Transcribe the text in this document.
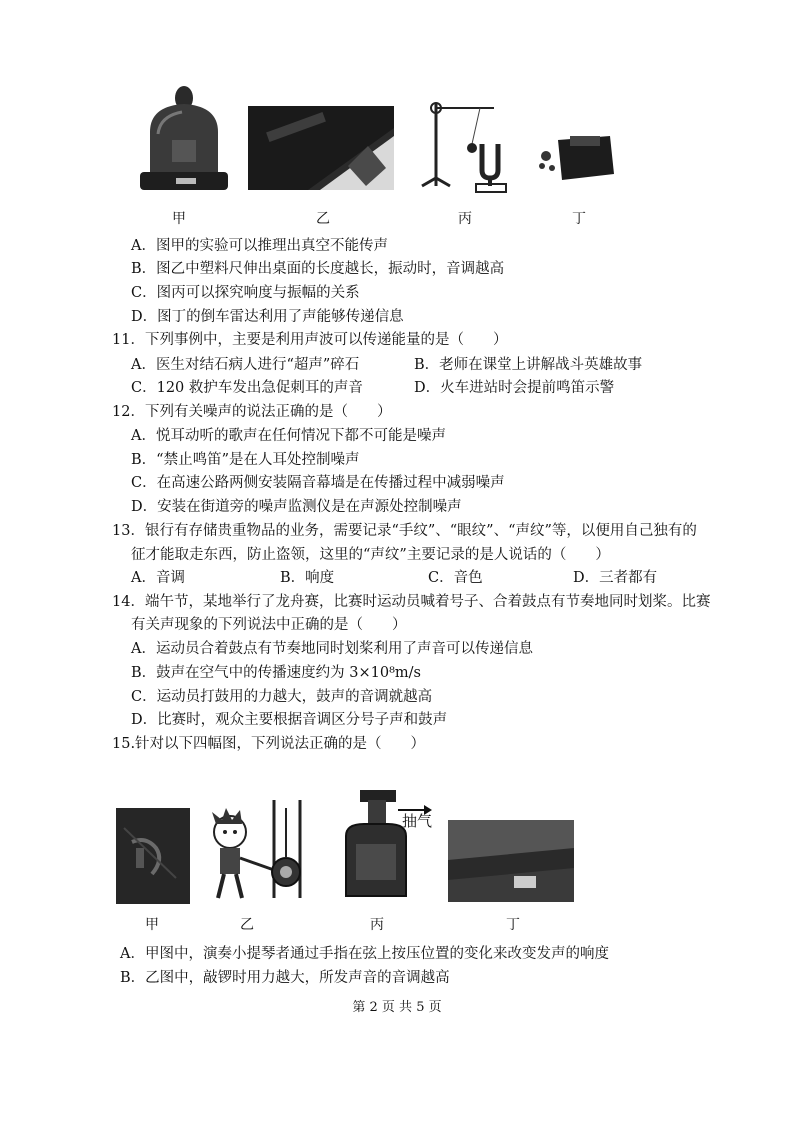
甲	乙	丙	丁
A．图甲的实验可以推理出真空不能传声
B．图乙中塑料尺伸出桌面的长度越长，振动时，音调越高
C．图丙可以探究响度与振幅的关系
D．图丁的倒车雷达利用了声能够传递信息
11．下列事例中，主要是利用声波可以传递能量的是（　　）
A．医生对结石病人进行“超声”碎石	B．老师在课堂上讲解战斗英雄故事
C．120 救护车发出急促刺耳的声音	D．火车进站时会提前鸣笛示警
12．下列有关噪声的说法正确的是（　　）
A．悦耳动听的歌声在任何情况下都不可能是噪声
B．“禁止鸣笛”是在人耳处控制噪声
C．在高速公路两侧安装隔音幕墙是在传播过程中减弱噪声
D．安装在街道旁的噪声监测仪是在声源处控制噪声
13．银行有存储贵重物品的业务，需要记录“手纹”、“眼纹”、“声纹”等，以便用自己独有的
征才能取走东西，防止盗领，这里的“声纹”主要记录的是人说话的（　　）
A．音调	B．响度	C．音色	D．三者都有
14．端午节，某地举行了龙舟赛，比赛时运动员喊着号子、合着鼓点有节奏地同时划桨。比赛
有关声现象的下列说法中正确的是（　　）
A．运动员合着鼓点有节奏地同时划桨利用了声音可以传递信息
B．鼓声在空气中的传播速度约为 3×10⁸m/s
C．运动员打鼓用的力越大，鼓声的音调就越高
D．比赛时，观众主要根据音调区分号子声和鼓声
15.针对以下四幅图，下列说法正确的是（　　）
抽气
甲	乙	丙	丁
A．甲图中，演奏小提琴者通过手指在弦上按压位置的变化来改变发声的响度
B．乙图中，敲锣时用力越大，所发声音的音调越高
第 2 页 共 5 页
